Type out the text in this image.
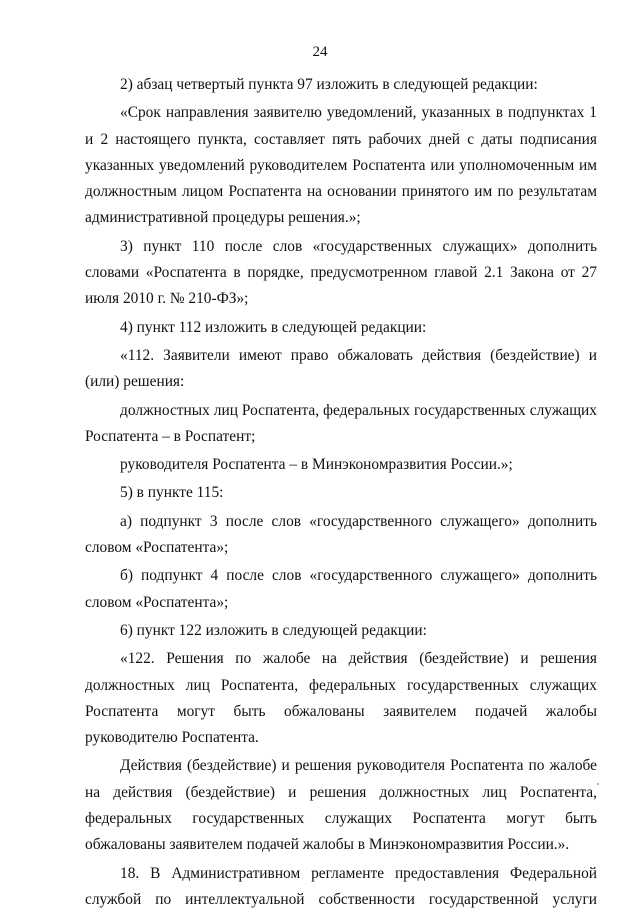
24

2) абзац четвертый пункта 97 изложить в следующей редакции:

«Срок направления заявителю уведомлений, указанных в подпунктах 1 и 2 настоящего пункта, составляет пять рабочих дней с даты подписания указанных уведомлений руководителем Роспатента или уполномоченным им должностным лицом Роспатента на основании принятого им по результатам административной процедуры решения.»;

3) пункт 110 после слов «государственных служащих» дополнить словами «Роспатента в порядке, предусмотренном главой 2.1 Закона от 27 июля 2010 г. № 210-ФЗ»;

4) пункт 112 изложить в следующей редакции:

«112. Заявители имеют право обжаловать действия (бездействие) и (или) решения:

должностных лиц Роспатента, федеральных государственных служащих Роспатента – в Роспатент;

руководителя Роспатента – в Минэкономразвития России.»;

5) в пункте 115:

а) подпункт 3 после слов «государственного служащего» дополнить словом «Роспатента»;

б) подпункт 4 после слов «государственного служащего» дополнить словом «Роспатента»;

6) пункт 122 изложить в следующей редакции:

«122. Решения по жалобе на действия (бездействие) и решения должностных лиц Роспатента, федеральных государственных служащих Роспатента могут быть обжалованы заявителем подачей жалобы руководителю Роспатента.

Действия (бездействие) и решения руководителя Роспатента по жалобе на действия (бездействие) и решения должностных лиц Роспатента, федеральных государственных служащих Роспатента могут быть обжалованы заявителем подачей жалобы в Минэкономразвития России.».

18. В Административном регламенте предоставления Федеральной службой по интеллектуальной собственности государственной услуги
